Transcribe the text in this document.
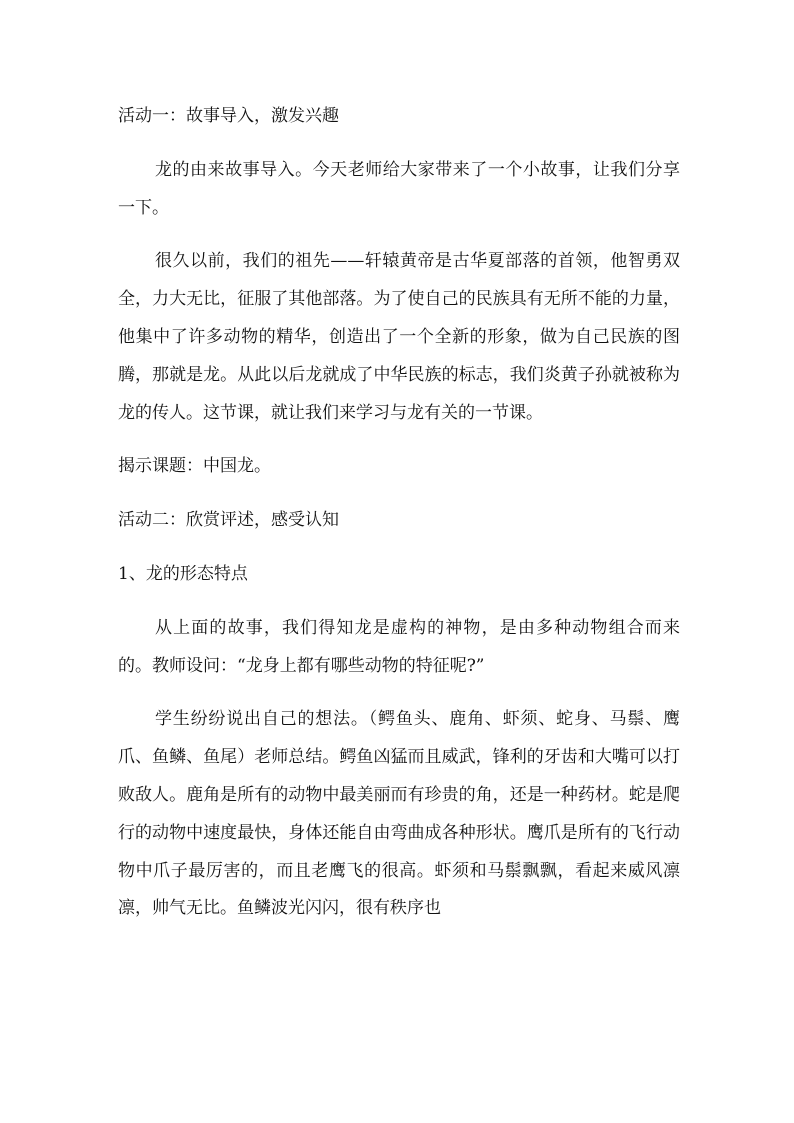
活动一：故事导入，激发兴趣

龙的由来故事导入。今天老师给大家带来了一个小故事，让我们分享一下。

很久以前，我们的祖先——轩辕黄帝是古华夏部落的首领，他智勇双全，力大无比，征服了其他部落。为了使自己的民族具有无所不能的力量，他集中了许多动物的精华，创造出了一个全新的形象，做为自己民族的图腾，那就是龙。从此以后龙就成了中华民族的标志，我们炎黄子孙就被称为龙的传人。这节课，就让我们来学习与龙有关的一节课。

揭示课题：中国龙。

活动二：欣赏评述，感受认知

1、龙的形态特点

从上面的故事，我们得知龙是虚构的神物，是由多种动物组合而来的。教师设问：“龙身上都有哪些动物的特征呢?”

学生纷纷说出自己的想法。（鳄鱼头、鹿角、虾须、蛇身、马鬃、鹰爪、鱼鳞、鱼尾）老师总结。鳄鱼凶猛而且威武，锋利的牙齿和大嘴可以打败敌人。鹿角是所有的动物中最美丽而有珍贵的角，还是一种药材。蛇是爬行的动物中速度最快，身体还能自由弯曲成各种形状。鹰爪是所有的飞行动物中爪子最厉害的，而且老鹰飞的很高。虾须和马鬃飘飘，看起来威风凛凛，帅气无比。鱼鳞波光闪闪，很有秩序也
